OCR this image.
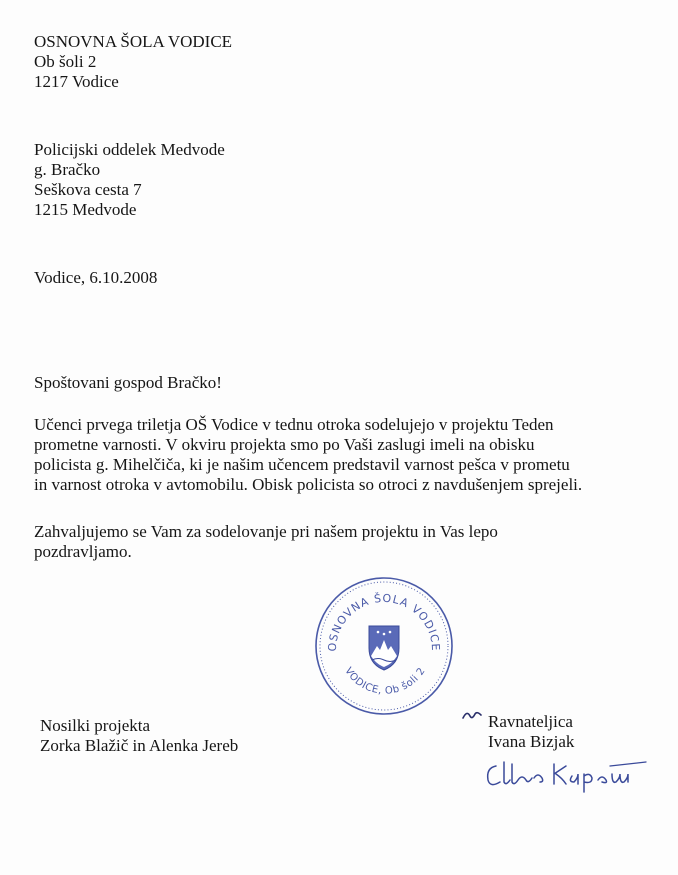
OSNOVNA ŠOLA VODICE
Ob šoli 2
1217 Vodice
Policijski oddelek Medvode
g. Bračko
Seškova cesta 7
1215 Medvode
Vodice, 6.10.2008
Spoštovani gospod Bračko!
Učenci prvega triletja OŠ Vodice v tednu otroka sodelujejo v projektu Teden
prometne varnosti. V okviru projekta smo po Vaši zaslugi imeli na obisku
policista g. Mihelčiča, ki je našim učencem predstavil varnost pešca v prometu
in varnost otroka v avtomobilu. Obisk policista so otroci z navdušenjem sprejeli.
Zahvaljujemo se Vam za sodelovanje pri našem projektu in Vas lepo
pozdravljamo.
OSNOVNA ŠOLA VODICE
VODICE, Ob šoli 2
Nosilki projekta
Zorka Blažič in Alenka Jereb
Ravnateljica
Ivana Bizjak
